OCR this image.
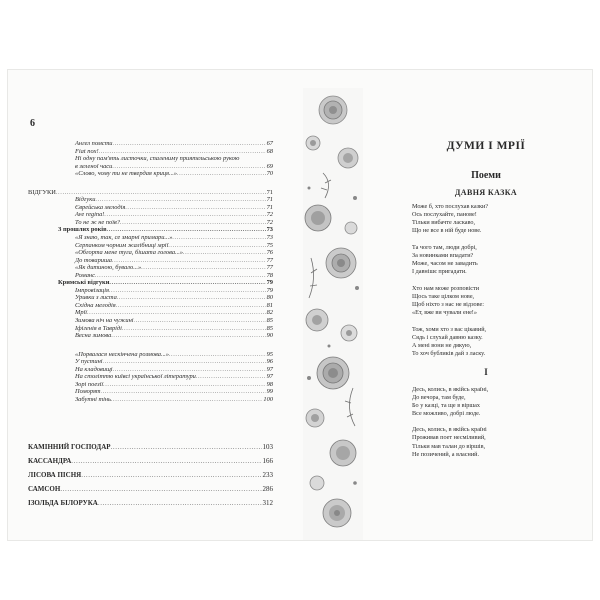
6
Ангел помсти .....	67
Fiat nox! .....	68
Ні одну пам'ять листочки, спалениму приятельською рукою
в зеленої часи .....	69
«Слово, чому ти не твердая криця...» .....	70
ВІДГУКИ .....	71
Відгуки .....	71
Єврейська мелодія .....	71
Ave regina! .....	72
То не ж не поїв? .....	72
З прошлих років .....	73
«Я знаю, так, се змарні примари...» .....	73
Серпанком чорним жалібниці мрії .....	75
«Обгорта мене туга, бішата голова...» .....	76
До товариша .....	77
«Як дитиною, бувало...» .....	77
Романс .....	78
Кримські відгуки .....	79
Імпровізація .....	79
Уривки з листа .....	80
Східна мелодія .....	81
Мрії .....	82
Зимова ніч на чужині .....	85
Іфігенія в Тавріді .....	85
Весна зимова .....	90
«Порвалася нескінчена розмова...» .....	95
У пустині .....	96
На кладовищі .....	97
На століттю київсі української літератури .....	97
Зорі поезії .....	98
Поморят .....	99
Забутні тінь .....	100
КАМІННИЙ ГОСПОДАР .....	103
КАССАНДРА .....	166
ЛІСОВА ПІСНЯ .....	233
САМСОН .....	286
ІЗОЛЬДА БІЛОРУКА .....	312
ДУМИ І МРІЇ
Поеми
ДАВНЯ КАЗКА
Може б, хто послухав казки?
Ось послухайте, панове!
Тільки вибачте ласкаво,
Що не все в ній буде нове.
Та чого там, люди добрі,
За новинками впадати?
Може, часом не завадить
І давнішє пригадати.
Хто нам може розповісти
Щось таке цілком нове,
Щоб ніхто з нас не відзове:
«Ет, вже ви чували ене!»
Тож, хоми хто з вас цікавий,
Сядь і слухай давню казку.
А мені вони не дякую,
То хоч бубликів дай з ласку.
І
Десь, колись, в якійсь країні,
До вечора, там буде,
Бо у казці, та ще в віршах
Все можливо, добрі люде.
Десь, колись, в якійсь країні
Проживав поет несміливий,
Тільки мав талан до віршів,
Не позичений, а власний.
